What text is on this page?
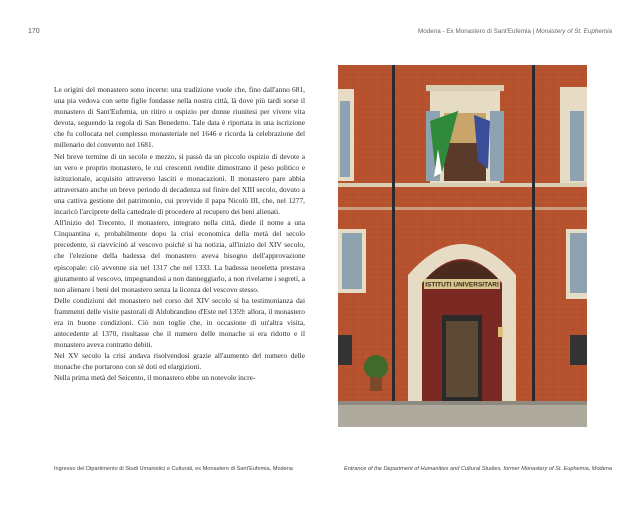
170	Modena - Ex Monastero di Sant'Eufemia | Monastery of St. Euphemia

Le origini del monastero sono incerte: una tradizione vuole che, fino dall'anno 681, una pia vedova con sette figlie fondasse nella nostra città, là dove più tardi sorse il monastero di Sant'Eufemia, un ritiro o ospizio per donne riunitesi per vivere vita devota, seguendo la regola di San Benedetto. Tale data è riportata in una iscrizione che fu collocata nel complesso monasteriale nel 1646 e ricorda la celebrazione del millenario del convento nel 1681.

Nel breve termine di un secolo e mezzo, si passò da un piccolo ospizio di devote a un vero e proprio monastero, le cui crescenti rendite dimostrano il peso politico e istituzionale, acquisito attraverso lasciti e monacazioni. Il monastero pare abbia attraversato anche un breve periodo di decadenza sul finire del XIII secolo, dovuto a una cattiva gestione del patrimonio, cui provvide il papa Nicolò III, che, nel 1277, incaricò l'arciprete della cattedrale di procedere al recupero dei beni alienati.

All'inizio del Trecento, il monastero, integrato nella città, diede il nome a una Cinquantina e, probabilmente dopo la crisi economica della metà del secolo precedente, si riavvicinò al vescovo poiché si ha notizia, all'inizio del XIV secolo, che l'elezione della badessa del monastero aveva bisogno dell'approvazione episcopale: ciò avvenne sia nel 1317 che nel 1333. La badessa neoeletta prestava giuramento al vescovo, impegnandosi a non danneggiarlo, a non rivelarne i segreti, a non alienare i beni del monastero senza la licenza del vescovo stesso.

Delle condizioni del monastero nel corso del XIV secolo si ha testimonianza dai frammenti delle visite pastorali di Aldobrandino d'Este nel 1359: allora, il monastero era in buone condizioni. Ciò non toglie che, in occasione di un'altra visita, antecedente al 1370, risultasse che il numero delle monache si era ridotto e il monastero aveva contratto debiti.

Nel XV secolo la crisi andava risolvendosi grazie all'aumento del numero delle monache che portarono con sé doti ed elargizioni.

Nella prima metà del Seicento, il monastero ebbe un notevole incre-

ISTITUTI UNIVERSITARI
Ingresso del Dipartimento di Studi Umanistici e Culturali, ex Monastero di Sant'Eufemia, Modena	Entrance of the Department of Humanities and Cultural Studies, former Monastery of St. Euphemia, Modena
